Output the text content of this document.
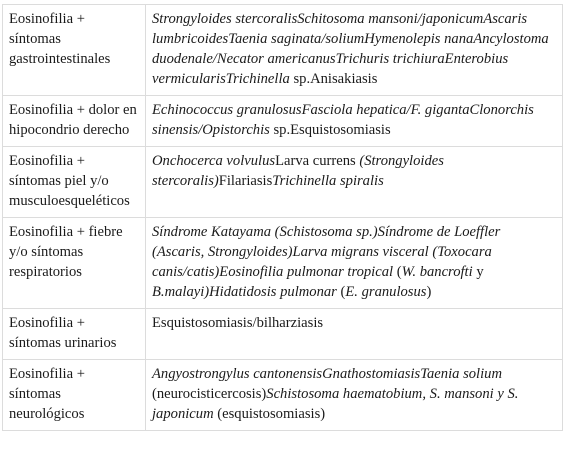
Eosinofilia + síntomas gastrointestinales	Strongyloides stercoralisSchitosoma mansoni/japonicumAscaris lumbricoidesTaenia saginata/soliumHymenolepis nanaAncylostoma duodenale/Necator americanusTrichuris trichiuraEnterobius vermicularisTrichinella sp.Anisakiasis
Eosinofilia + dolor en hipocondrio derecho	Echinococcus granulosusFasciola hepatica/F. gigantaClonorchis sinensis/Opistorchis sp.Esquistosomiasis
Eosinofilia + síntomas piel y/o musculoesqueléticos	Onchocerca volvulusLarva currens (Strongyloides stercoralis)FilariasisTrichinella spiralis
Eosinofilia + fiebre y/o síntomas respiratorios	Síndrome Katayama (Schistosoma sp.)Síndrome de Loeffler (Ascaris, Strongyloides)Larva migrans visceral (Toxocara canis/catis)Eosinofilia pulmonar tropical (W. bancrofti y B.malayi)Hidatidosis pulmonar (E. granulosus)
Eosinofilia + síntomas urinarios	Esquistosomiasis/bilharziasis
Eosinofilia + síntomas neurológicos	Angyostrongylus cantonensisGnathostomiasisTaenia solium (neurocisticercosis)Schistosoma haematobium, S. mansoni y S. japonicum (esquistosomiasis)
